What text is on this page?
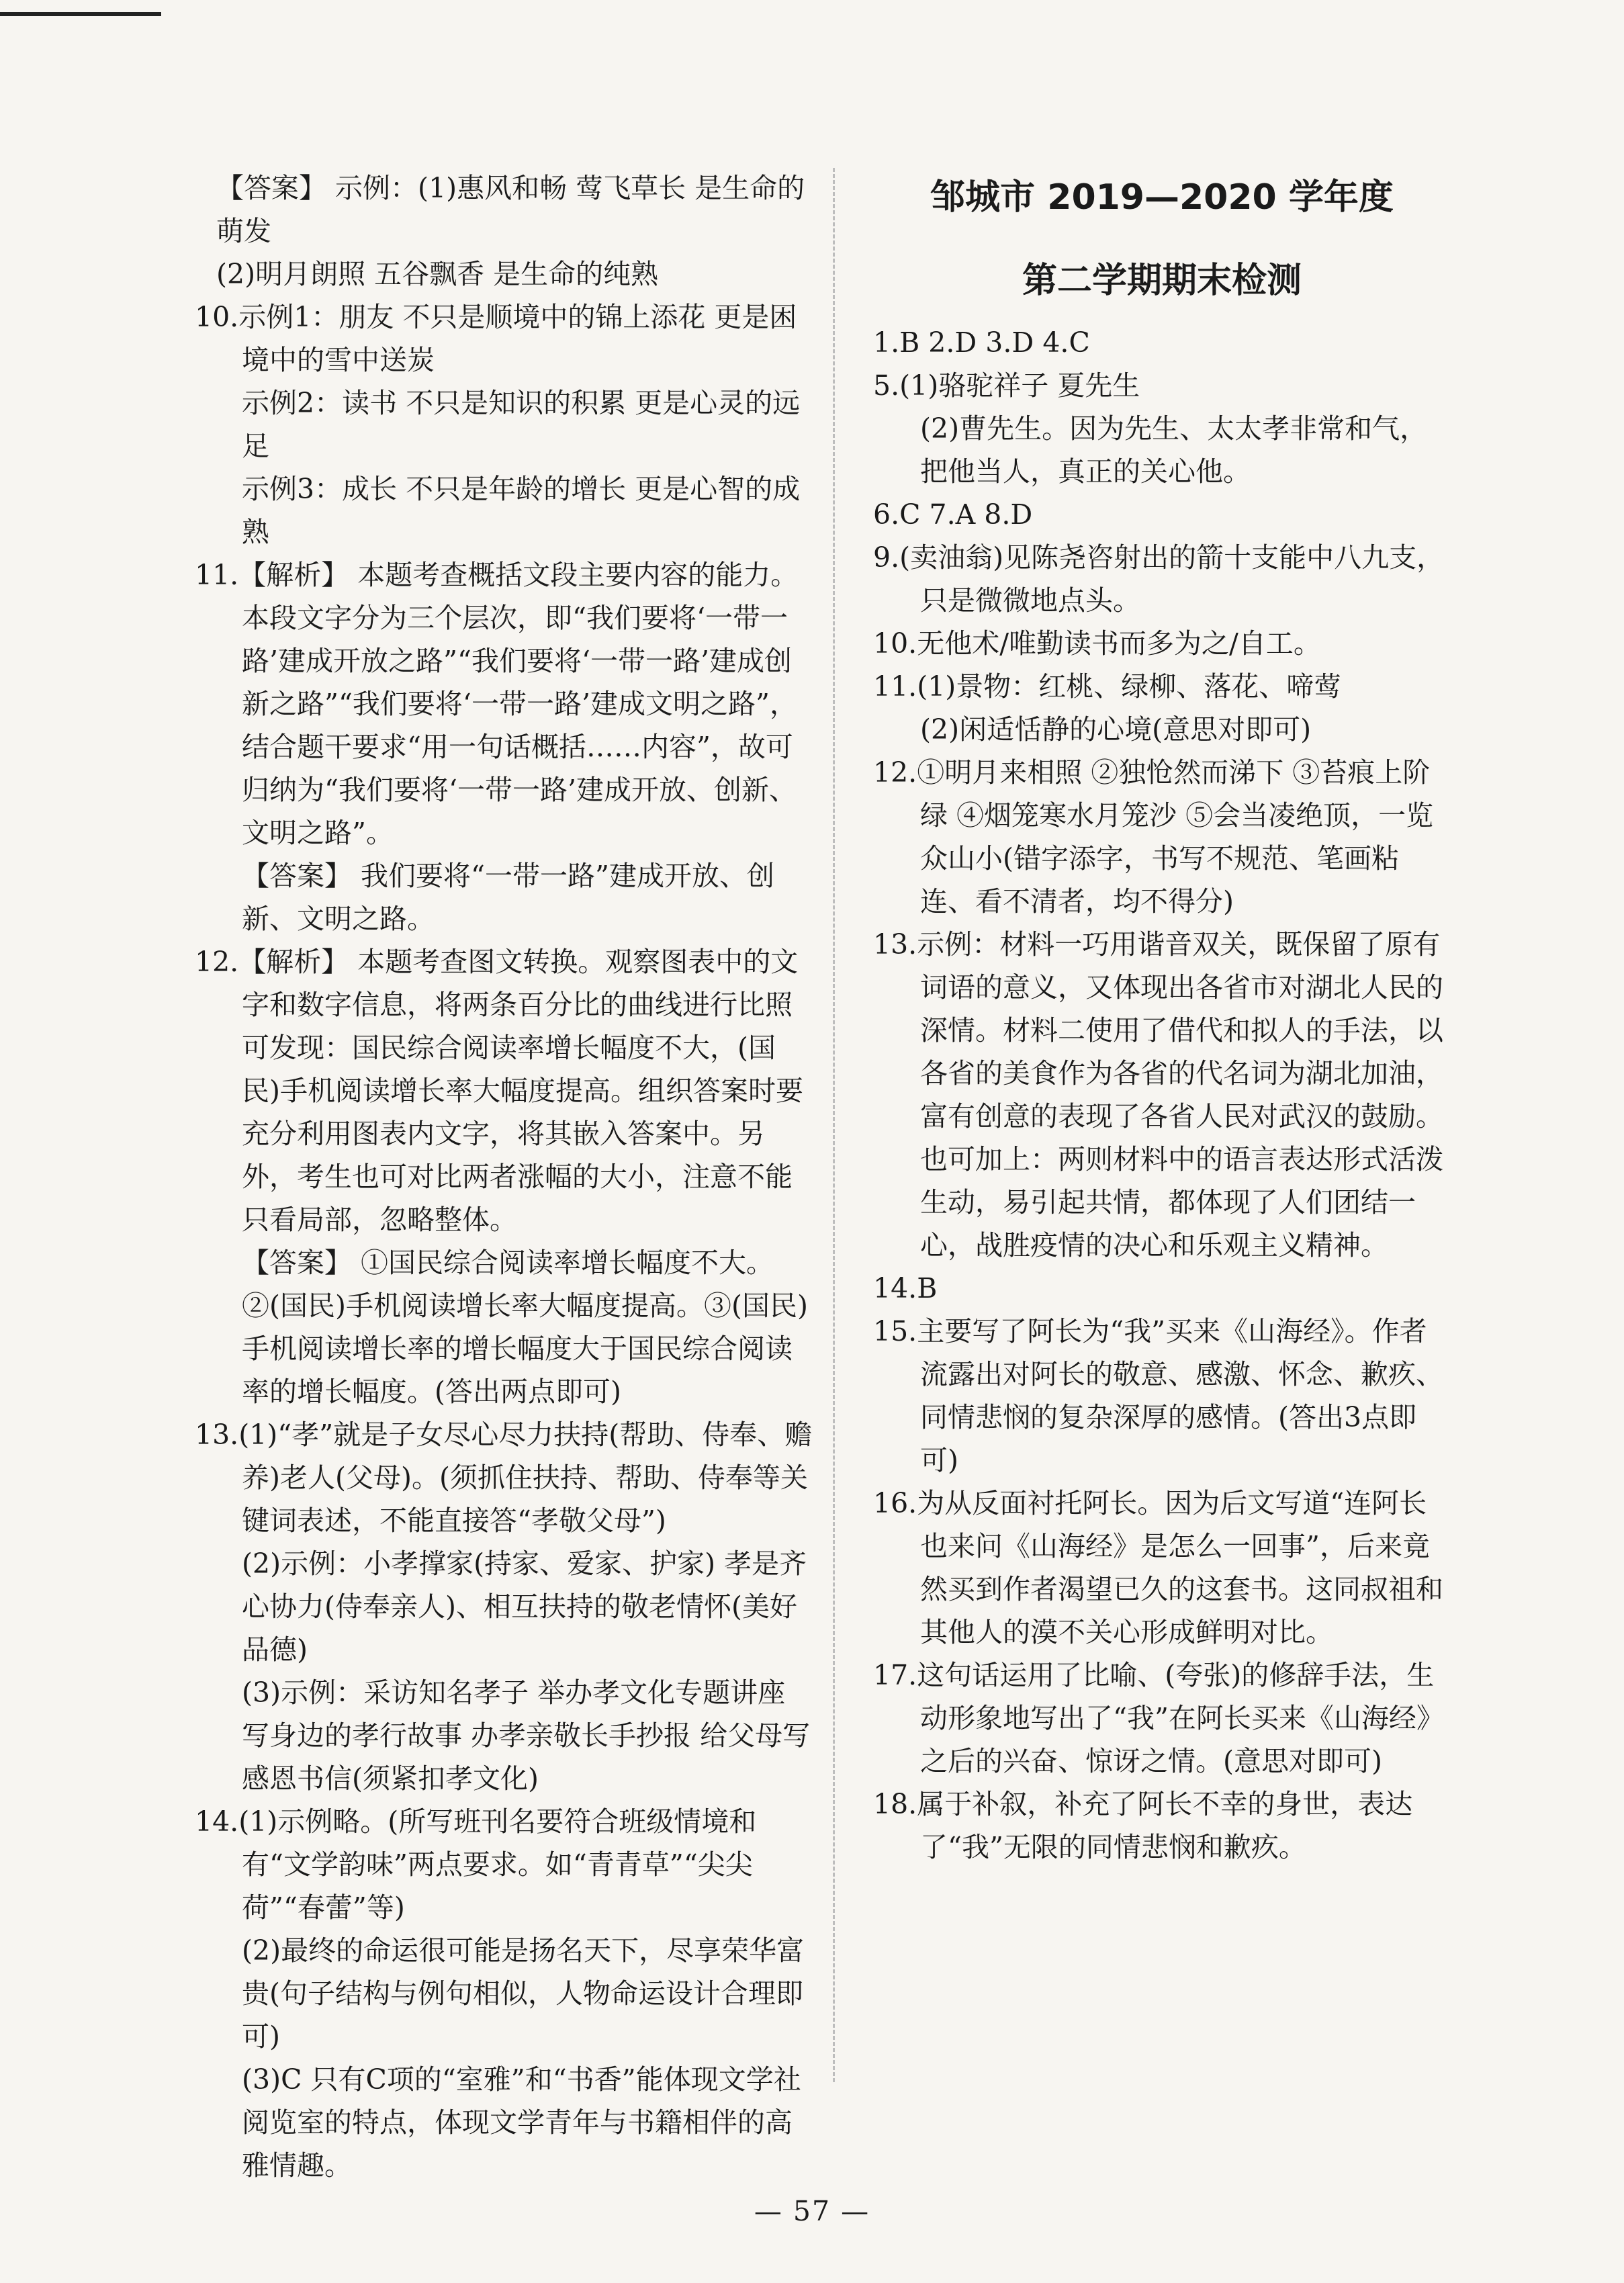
【答案】 示例：(1)惠风和畅 莺飞草长 是生命的萌发

(2)明月朗照 五谷飘香 是生命的纯熟

10.示例1：朋友 不只是顺境中的锦上添花 更是困境中的雪中送炭

示例2：读书 不只是知识的积累 更是心灵的远足

示例3：成长 不只是年龄的增长 更是心智的成熟

11.【解析】 本题考查概括文段主要内容的能力。本段文字分为三个层次，即“我们要将‘一带一路’建成开放之路”“我们要将‘一带一路’建成创新之路”“我们要将‘一带一路’建成文明之路”，结合题干要求“用一句话概括……内容”，故可归纳为“我们要将‘一带一路’建成开放、创新、文明之路”。

【答案】 我们要将“一带一路”建成开放、创新、文明之路。

12.【解析】 本题考查图文转换。观察图表中的文字和数字信息，将两条百分比的曲线进行比照可发现：国民综合阅读率增长幅度不大，(国民)手机阅读增长率大幅度提高。组织答案时要充分利用图表内文字，将其嵌入答案中。另外，考生也可对比两者涨幅的大小，注意不能只看局部，忽略整体。

【答案】 ①国民综合阅读率增长幅度不大。②(国民)手机阅读增长率大幅度提高。③(国民)手机阅读增长率的增长幅度大于国民综合阅读率的增长幅度。(答出两点即可)

13.(1)“孝”就是子女尽心尽力扶持(帮助、侍奉、赡养)老人(父母)。(须抓住扶持、帮助、侍奉等关键词表述，不能直接答“孝敬父母”)

(2)示例：小孝撑家(持家、爱家、护家) 孝是齐心协力(侍奉亲人)、相互扶持的敬老情怀(美好品德)

(3)示例：采访知名孝子 举办孝文化专题讲座 写身边的孝行故事 办孝亲敬长手抄报 给父母写感恩书信(须紧扣孝文化)

14.(1)示例略。(所写班刊名要符合班级情境和有“文学韵味”两点要求。如“青青草”“尖尖荷”“春蕾”等)

(2)最终的命运很可能是扬名天下，尽享荣华富贵(句子结构与例句相似，人物命运设计合理即可)

(3)C 只有C项的“室雅”和“书香”能体现文学社阅览室的特点，体现文学青年与书籍相伴的高雅情趣。

邹城市 2019—2020 学年度

第二学期期末检测

1.B 2.D 3.D 4.C

5.(1)骆驼祥子 夏先生

(2)曹先生。因为先生、太太孝非常和气，把他当人，真正的关心他。

6.C 7.A 8.D

9.(卖油翁)见陈尧咨射出的箭十支能中八九支，只是微微地点头。

10.无他术/唯勤读书而多为之/自工。

11.(1)景物：红桃、绿柳、落花、啼莺

(2)闲适恬静的心境(意思对即可)

12.①明月来相照 ②独怆然而涕下 ③苔痕上阶绿 ④烟笼寒水月笼沙 ⑤会当凌绝顶，一览众山小(错字添字，书写不规范、笔画粘连、看不清者，均不得分)

13.示例：材料一巧用谐音双关，既保留了原有词语的意义，又体现出各省市对湖北人民的深情。材料二使用了借代和拟人的手法，以各省的美食作为各省的代名词为湖北加油，富有创意的表现了各省人民对武汉的鼓励。也可加上：两则材料中的语言表达形式活泼生动，易引起共情，都体现了人们团结一心，战胜疫情的决心和乐观主义精神。

14.B

15.主要写了阿长为“我”买来《山海经》。作者流露出对阿长的敬意、感激、怀念、歉疚、同情悲悯的复杂深厚的感情。(答出3点即可)

16.为从反面衬托阿长。因为后文写道“连阿长也来问《山海经》是怎么一回事”，后来竟然买到作者渴望已久的这套书。这同叔祖和其他人的漠不关心形成鲜明对比。

17.这句话运用了比喻、(夸张)的修辞手法，生动形象地写出了“我”在阿长买来《山海经》之后的兴奋、惊讶之情。(意思对即可)

18.属于补叙，补充了阿长不幸的身世，表达了“我”无限的同情悲悯和歉疚。

— 57 —
